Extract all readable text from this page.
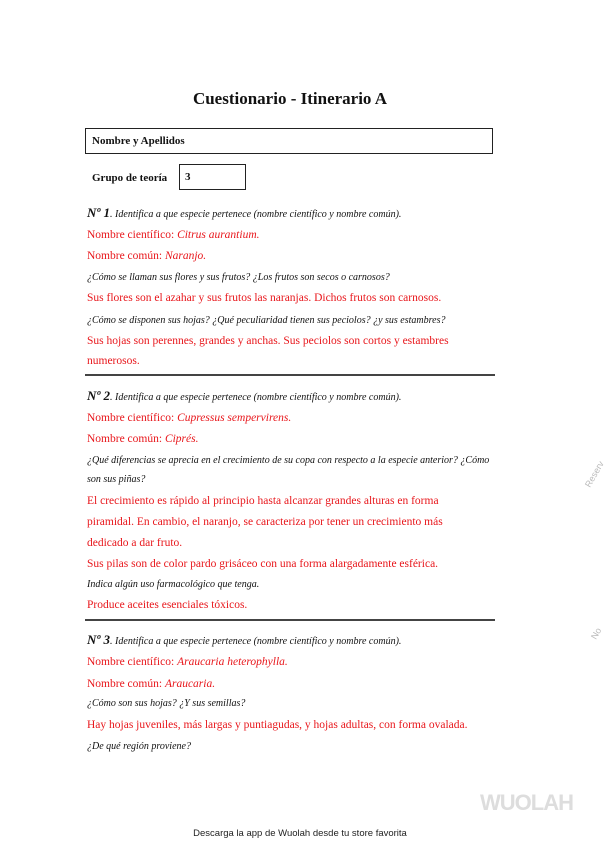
Cuestionario - Itinerario A
Nombre y Apellidos
Grupo de teoría	3
Nº 1. Identifica a que especie pertenece (nombre científico y nombre común).
Nombre científico: Citrus aurantium.
Nombre común: Naranjo.
¿Cómo se llaman sus flores y sus frutos? ¿Los frutos son secos o carnosos?
Sus flores son el azahar y sus frutos las naranjas. Dichos frutos son carnosos.
¿Cómo se disponen sus hojas? ¿Qué peculiaridad tienen sus peciolos? ¿y sus estambres?
Sus hojas son perennes, grandes y anchas. Sus peciolos son cortos y estambres
numerosos.
Nº 2. Identifica a que especie pertenece (nombre científico y nombre común).
Nombre científico: Cupressus sempervirens.
Nombre común: Ciprés.
¿Qué diferencias se aprecia en el crecimiento de su copa con respecto a la especie anterior? ¿Cómo
son sus piñas?
El crecimiento es rápido al principio hasta alcanzar grandes alturas en forma
piramidal. En cambio, el naranjo, se caracteriza por tener un crecimiento más
dedicado a dar fruto.
Sus pilas son de color pardo grisáceo con una forma alargadamente esférica.
Indica algún uso farmacológico que tenga.
Produce aceites esenciales tóxicos.
Nº 3. Identifica a que especie pertenece (nombre científico y nombre común).
Nombre científico: Araucaria heterophylla.
Nombre común: Araucaria.
¿Cómo son sus hojas? ¿Y sus semillas?
Hay hojas juveniles, más largas y puntiagudas, y hojas adultas, con forma ovalada.
¿De qué región proviene?
Reserv
No
WUOLAH
Descarga la app de Wuolah desde tu store favorita
